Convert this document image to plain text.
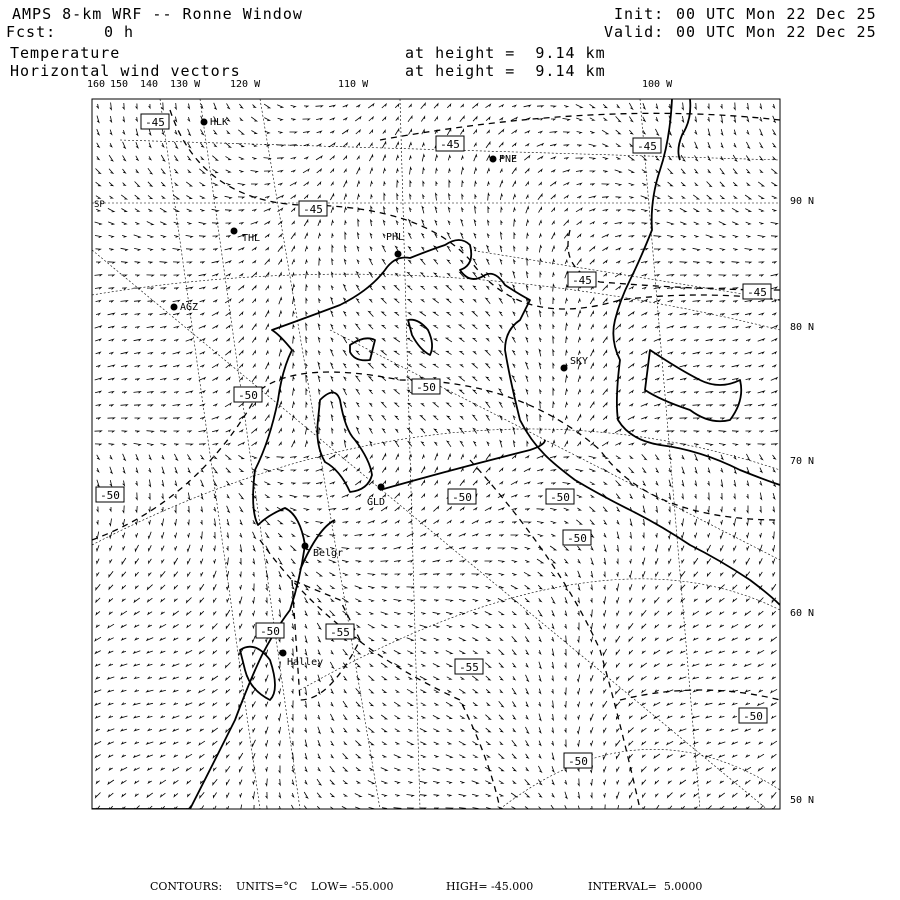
AMPS 8-km WRF -- Ronne Window
Fcst:	0 h
Init: 00 UTC Mon 22 Dec 25
Valid: 00 UTC Mon 22 Dec 25
Temperature	at height =  9.14 km
Horizontal wind vectors	at height =  9.14 km
160 150 140 130 W	120 W	110 W	100 W
90 N
80 N
70 N
60 N
50 N
SP
-45
-45	-45
-45
-45
-45
-50
-50
-50	-50	-50
-50
-50
-50
-50	-55
-55
HLK
PNE
THL	PHL
AGZ
SKY
GLD
Belgr
Halley
CONTOURS: UNITS=°C LOW= -55.000	HIGH= -45.000	INTERVAL=  5.0000
